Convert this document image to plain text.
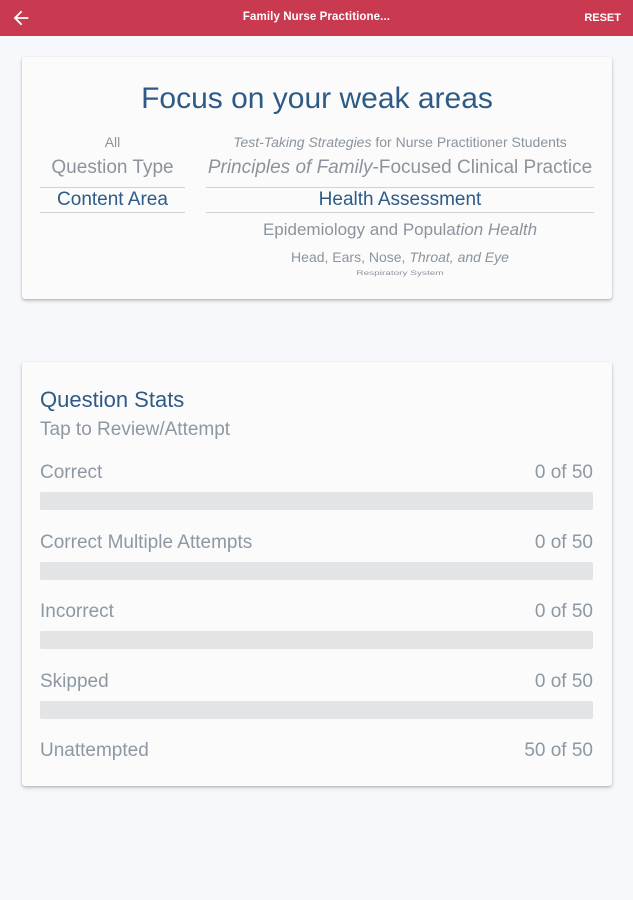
Family Nurse Practitione...	RESET
Focus on your weak areas
All
Question Type
Content Area
Test-Taking Strategies for Nurse Practitioner Students
Principles of Family-Focused Clinical Practice
Health Assessment
Epidemiology and Population Health
Head, Ears, Nose, Throat, and Eye
Respiratory System
Question Stats
Tap to Review/Attempt
Correct	0 of 50
Correct Multiple Attempts	0 of 50
Incorrect	0 of 50
Skipped	0 of 50
Unattempted	50 of 50
